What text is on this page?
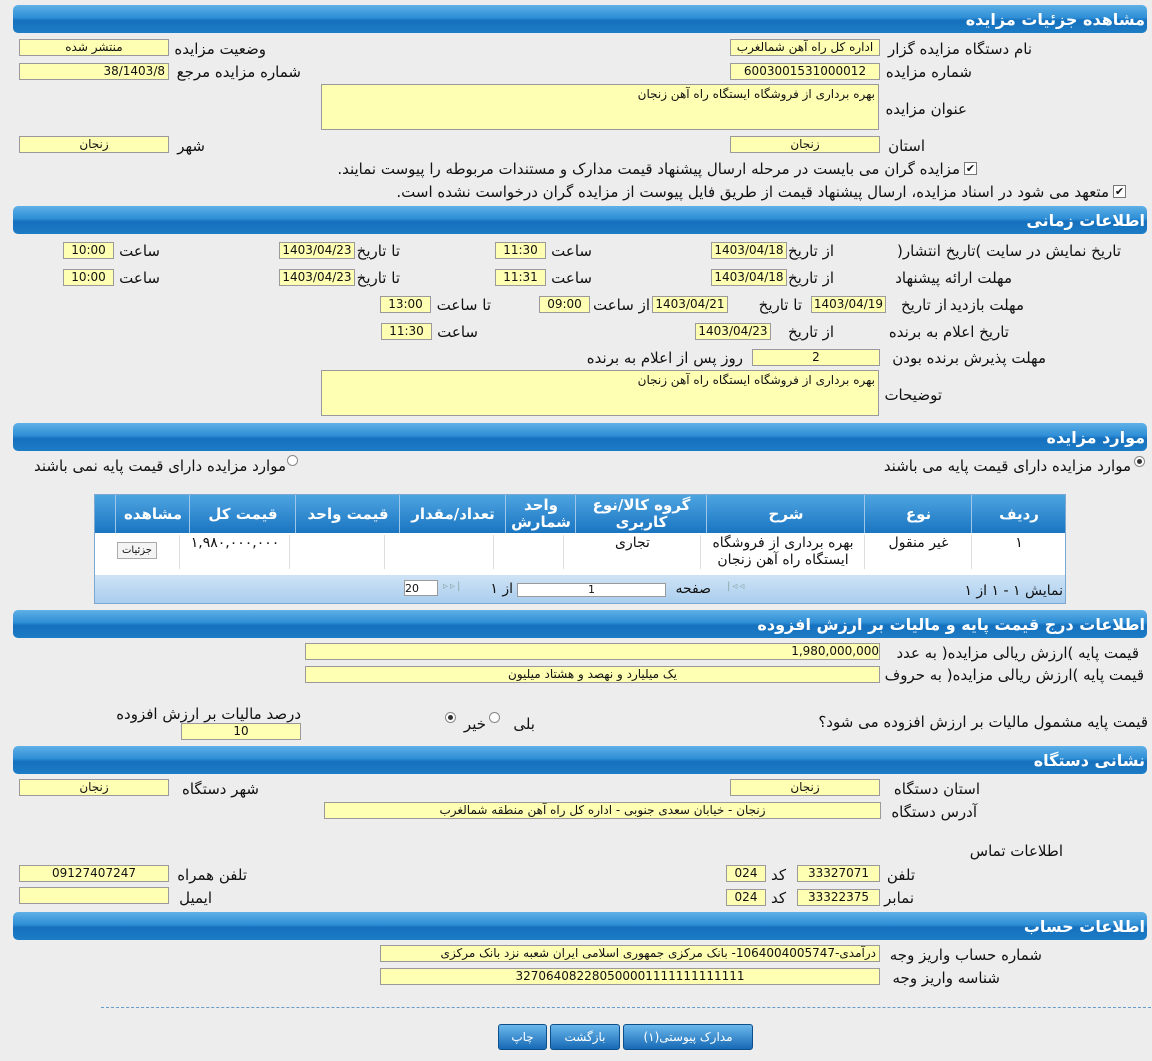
مشاهده جزئیات مزایده
نام دستگاه مزایده گزار
اداره کل راه آهن شمالغرب
وضعیت مزایده
منتشر شده
شماره مزایده
6003001531000012
شماره مزایده مرجع
38/1403/8
عنوان مزایده
بهره برداری از فروشگاه ایستگاه راه آهن زنجان
استان
زنجان
شهر
زنجان
✔
مزایده گران می بایست در مرحله ارسال پیشنهاد قیمت مدارک و مستندات مربوطه را پیوست نمایند.
✔
متعهد می شود در اسناد مزایده، ارسال پیشنهاد قیمت از طریق فایل پیوست از مزایده گران درخواست نشده است.
اطلاعات زمانی
تاریخ نمایش در سایت )تاریخ انتشار(
از تاریخ
1403/04/18
ساعت
11:30
تا تاریخ
1403/04/23
ساعت
10:00
مهلت ارائه پیشنهاد
از تاریخ
1403/04/18
ساعت
11:31
تا تاریخ
1403/04/23
ساعت
10:00
مهلت بازدید
از تاریخ
1403/04/19
تا تاریخ
1403/04/21
از ساعت
09:00
تا ساعت
13:00
تاریخ اعلام به برنده
از تاریخ
1403/04/23
ساعت
11:30
مهلت پذیرش برنده بودن
2
روز پس از اعلام به برنده
توضیحات
بهره برداری از فروشگاه ایستگاه راه آهن زنجان
موارد مزایده
موارد مزایده دارای قیمت پایه می باشند
موارد مزایده دارای قیمت پایه نمی باشند
ردیف
نوع
شرح
گروه کالا/نوع کاربری
واحد شمارش
تعداد/مقدار
قیمت واحد
قیمت کل
مشاهده
۱
غیر منقول
بهره برداری از فروشگاه ایستگاه راه آهن زنجان
تجاری
۱,۹۸۰,۰۰۰,۰۰۰
جزئیات
نمایش ۱ - ۱ از ۱
|◃◃
صفحه
1
از ۱
▹▹|
20
اطلاعات درج قیمت پایه و مالیات بر ارزش افزوده
قیمت پایه )ارزش ریالی مزایده( به عدد
1,980,000,000
قیمت پایه )ارزش ریالی مزایده( به حروف
یک میلیارد و نهصد و هشتاد میلیون
قیمت پایه مشمول مالیات بر ارزش افزوده می شود؟
بلی
خیر
درصد مالیات بر ارزش افزوده
10
نشانی دستگاه
استان دستگاه
زنجان
شهر دستگاه
زنجان
آدرس دستگاه
زنجان - خیابان سعدی جنوبی - اداره کل راه آهن منطقه شمالغرب
اطلاعات تماس
تلفن
33327071
کد
024
تلفن همراه
09127407247
نمابر
33322375
کد
024
ایمیل
اطلاعات حساب
شماره حساب واریز وجه
درآمدی-1064004005747- بانک مرکزی جمهوری اسلامی ایران شعبه نزد بانک مرکزی
شناسه واریز وجه
327064082280500001111111111111
مدارک پیوستی(۱)
بازگشت
چاپ
